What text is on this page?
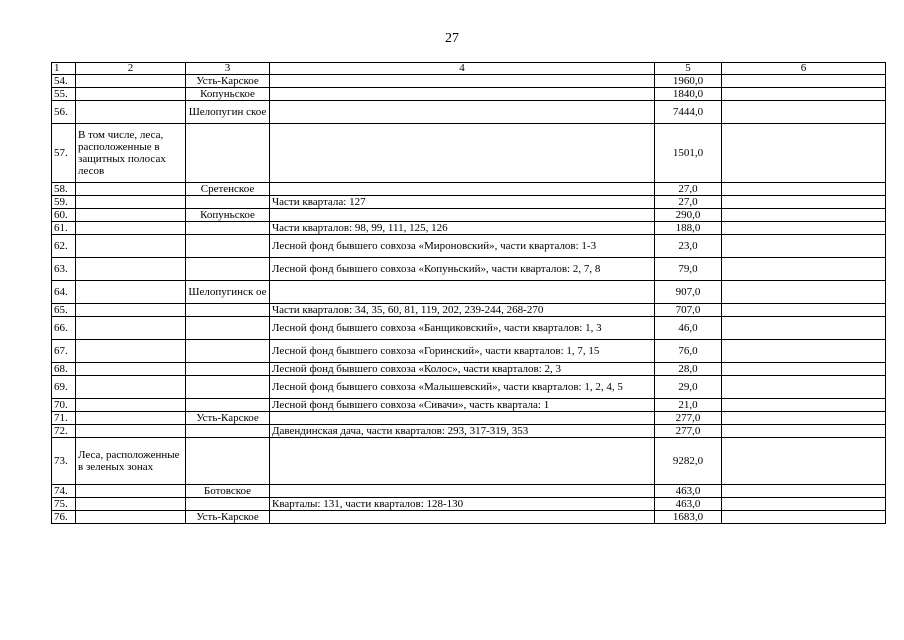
27
1	2	3	4	5	6
54.		Усть-Карское		1960,0	
55.		Копуньское		1840,0	
56.		Шелопугин ское		7444,0	
57.	В том числе, леса, расположенные в защитных полосах лесов			1501,0	
58.		Сретенское		27,0	
59.			Части квартала: 127	27,0	
60.		Копуньское		290,0	
61.			Части кварталов: 98, 99, 111, 125, 126	188,0	
62.			Лесной фонд бывшего совхоза «Мироновский», части кварталов: 1-3	23,0	
63.			Лесной фонд бывшего совхоза «Копуньский», части кварталов: 2, 7, 8	79,0	
64.		Шелопугинск ое		907,0	
65.			Части кварталов: 34, 35, 60, 81, 119, 202, 239-244, 268-270	707,0	
66.			Лесной фонд бывшего совхоза «Банщиковский», части кварталов: 1, 3	46,0	
67.			Лесной фонд бывшего совхоза «Горинский», части кварталов: 1, 7, 15	76,0	
68.			Лесной фонд бывшего совхоза «Колос», части кварталов: 2, 3	28,0	
69.			Лесной фонд бывшего совхоза «Малышевский», части кварталов: 1, 2, 4, 5	29,0	
70.			Лесной фонд бывшего совхоза «Сивачи», часть квартала: 1	21,0	
71.		Усть-Карское		277,0	
72.			Давендинская дача, части кварталов: 293, 317-319, 353	277,0	
73.	Леса, расположенные в зеленых зонах			9282,0	
74.		Ботовское		463,0	
75.			Кварталы: 131, части кварталов: 128-130	463,0	
76.		Усть-Карское		1683,0	
